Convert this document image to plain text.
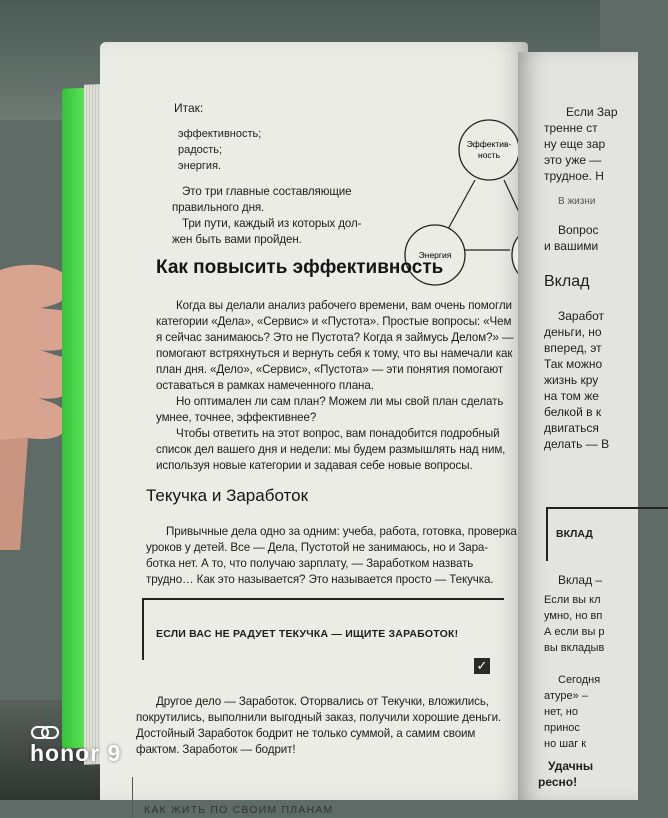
Итак:

эффективность;

радость;

энергия.

Это три главные составляющие

правильного дня.

Три пути, каждый из которых дол-

жен быть вами пройден.

Эффектив-
ность
Энергия

Как повысить эффективность

Когда вы делали анализ рабочего времени, вам очень помогли

категории «Дела», «Сервис» и «Пустота». Простые вопросы: «Чем

я сейчас занимаюсь? Это не Пустота? Когда я займусь Делом?» —

помогают встряхнуться и вернуть себя к тому, что вы намечали как

план дня. «Дело», «Сервис», «Пустота» — эти понятия помогают

оставаться в рамках намеченного плана.

Но оптимален ли сам план? Можем ли мы свой план сделать

умнее, точнее, эффективнее?

Чтобы ответить на этот вопрос, вам понадобится подробный

список дел вашего дня и недели: мы будем размышлять над ним,

используя новые категории и задавая себе новые вопросы.

Текучка и Заработок

Привычные дела одно за одним: учеба, работа, готовка, проверка

уроков у детей. Все — Дела, Пустотой не занимаюсь, но и Зара-

ботка нет. А то, что получаю зарплату, — Заработком назвать

трудно… Как это называется? Это называется просто — Текучка.

ЕСЛИ ВАС НЕ РАДУЕТ ТЕКУЧКА — ИЩИТЕ ЗАРАБОТОК!

✓

Другое дело — Заработок. Оторвались от Текучки, вложились,

покрутились, выполнили выгодный заказ, получили хорошие деньги.

Достойный Заработок бодрит не только суммой, а самим своим

фактом. Заработок — бодрит!

КАК ЖИТЬ ПО СВОИМ ПЛАНАМ

Если Зар

тренне ст

ну еще зар

это уже —

трудное. Н

В жизни

Вопрос

и вашими

Вклад

Заработ

деньги, но

вперед, эт

Так можно

жизнь кру

на том же

белкой в к

двигаться

делать — В

ВКЛАД

Вклад –

Если вы кл

умно, но вп

А если вы р

вы вкладыв

Сегодня

атуре» –

нет, но

принос

но шаг к

Удачны

ресно!

honor 9
